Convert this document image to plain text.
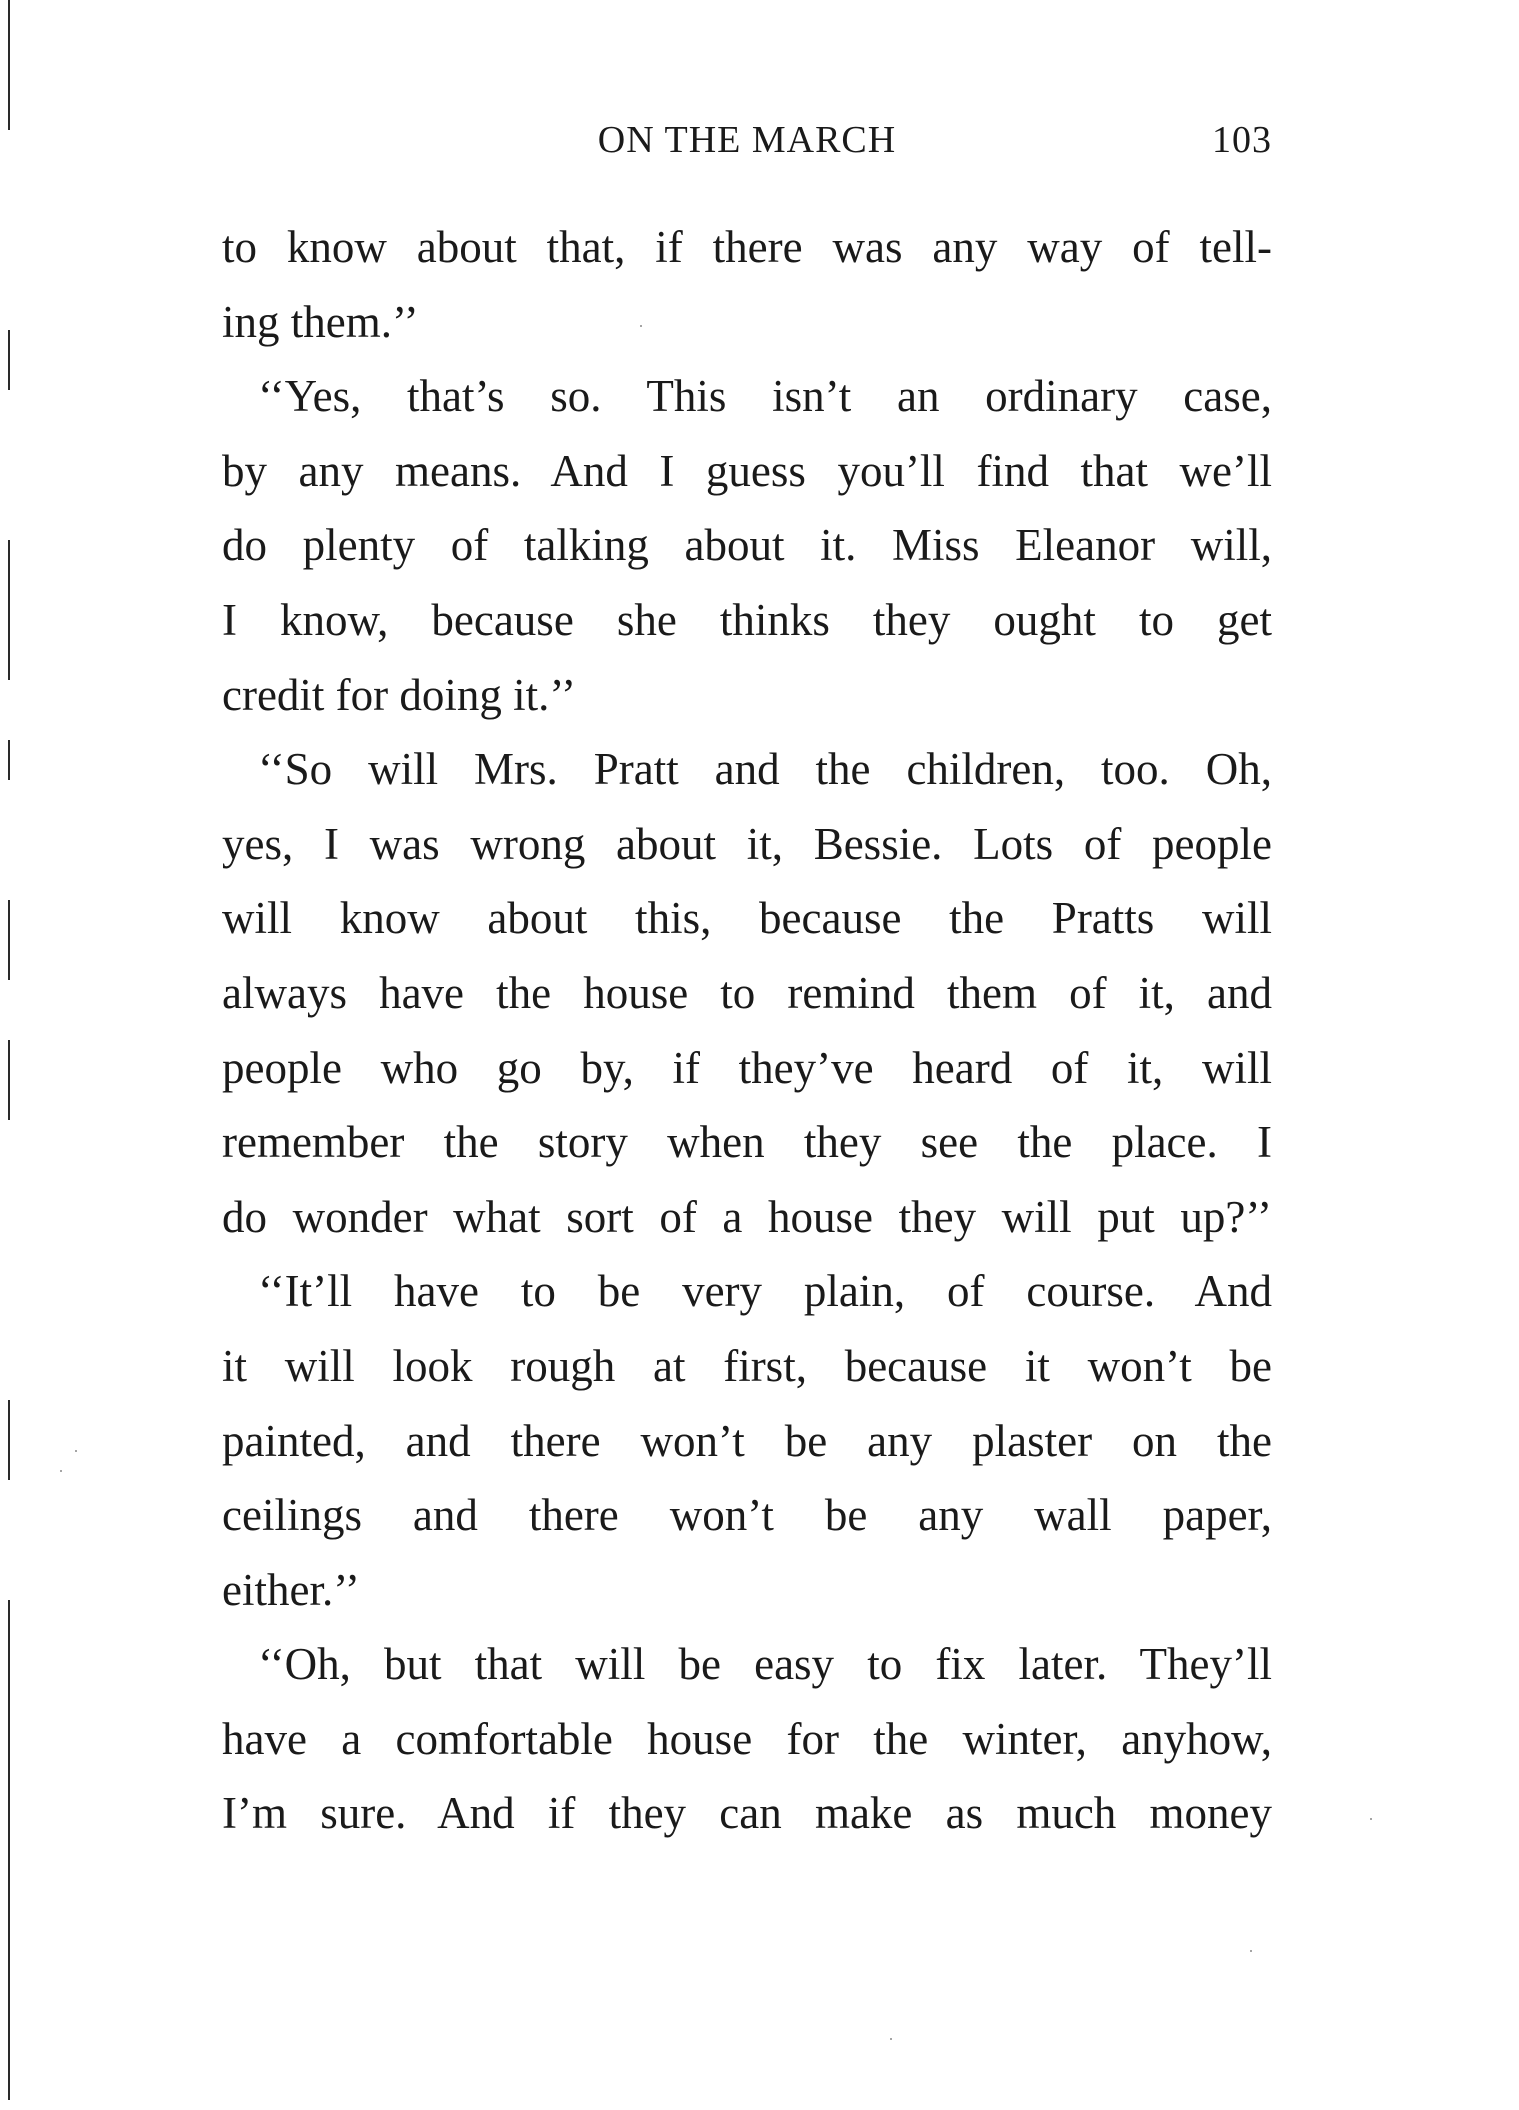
ON THE MARCH	103
to know about that, if there was any way of tell-
ing them.’’
‘‘Yes, that’s so. This isn’t an ordinary case,
by any means. And I guess you’ll find that we’ll
do plenty of talking about it. Miss Eleanor will,
I know, because she thinks they ought to get
credit for doing it.’’
‘‘So will Mrs. Pratt and the children, too. Oh,
yes, I was wrong about it, Bessie. Lots of people
will know about this, because the Pratts will
always have the house to remind them of it, and
people who go by, if they’ve heard of it, will
remember the story when they see the place. I
do wonder what sort of a house they will put up?’’
‘‘It’ll have to be very plain, of course. And
it will look rough at first, because it won’t be
painted, and there won’t be any plaster on the
ceilings and there won’t be any wall paper,
either.’’
‘‘Oh, but that will be easy to fix later. They’ll
have a comfortable house for the winter, anyhow,
I’m sure. And if they can make as much money
